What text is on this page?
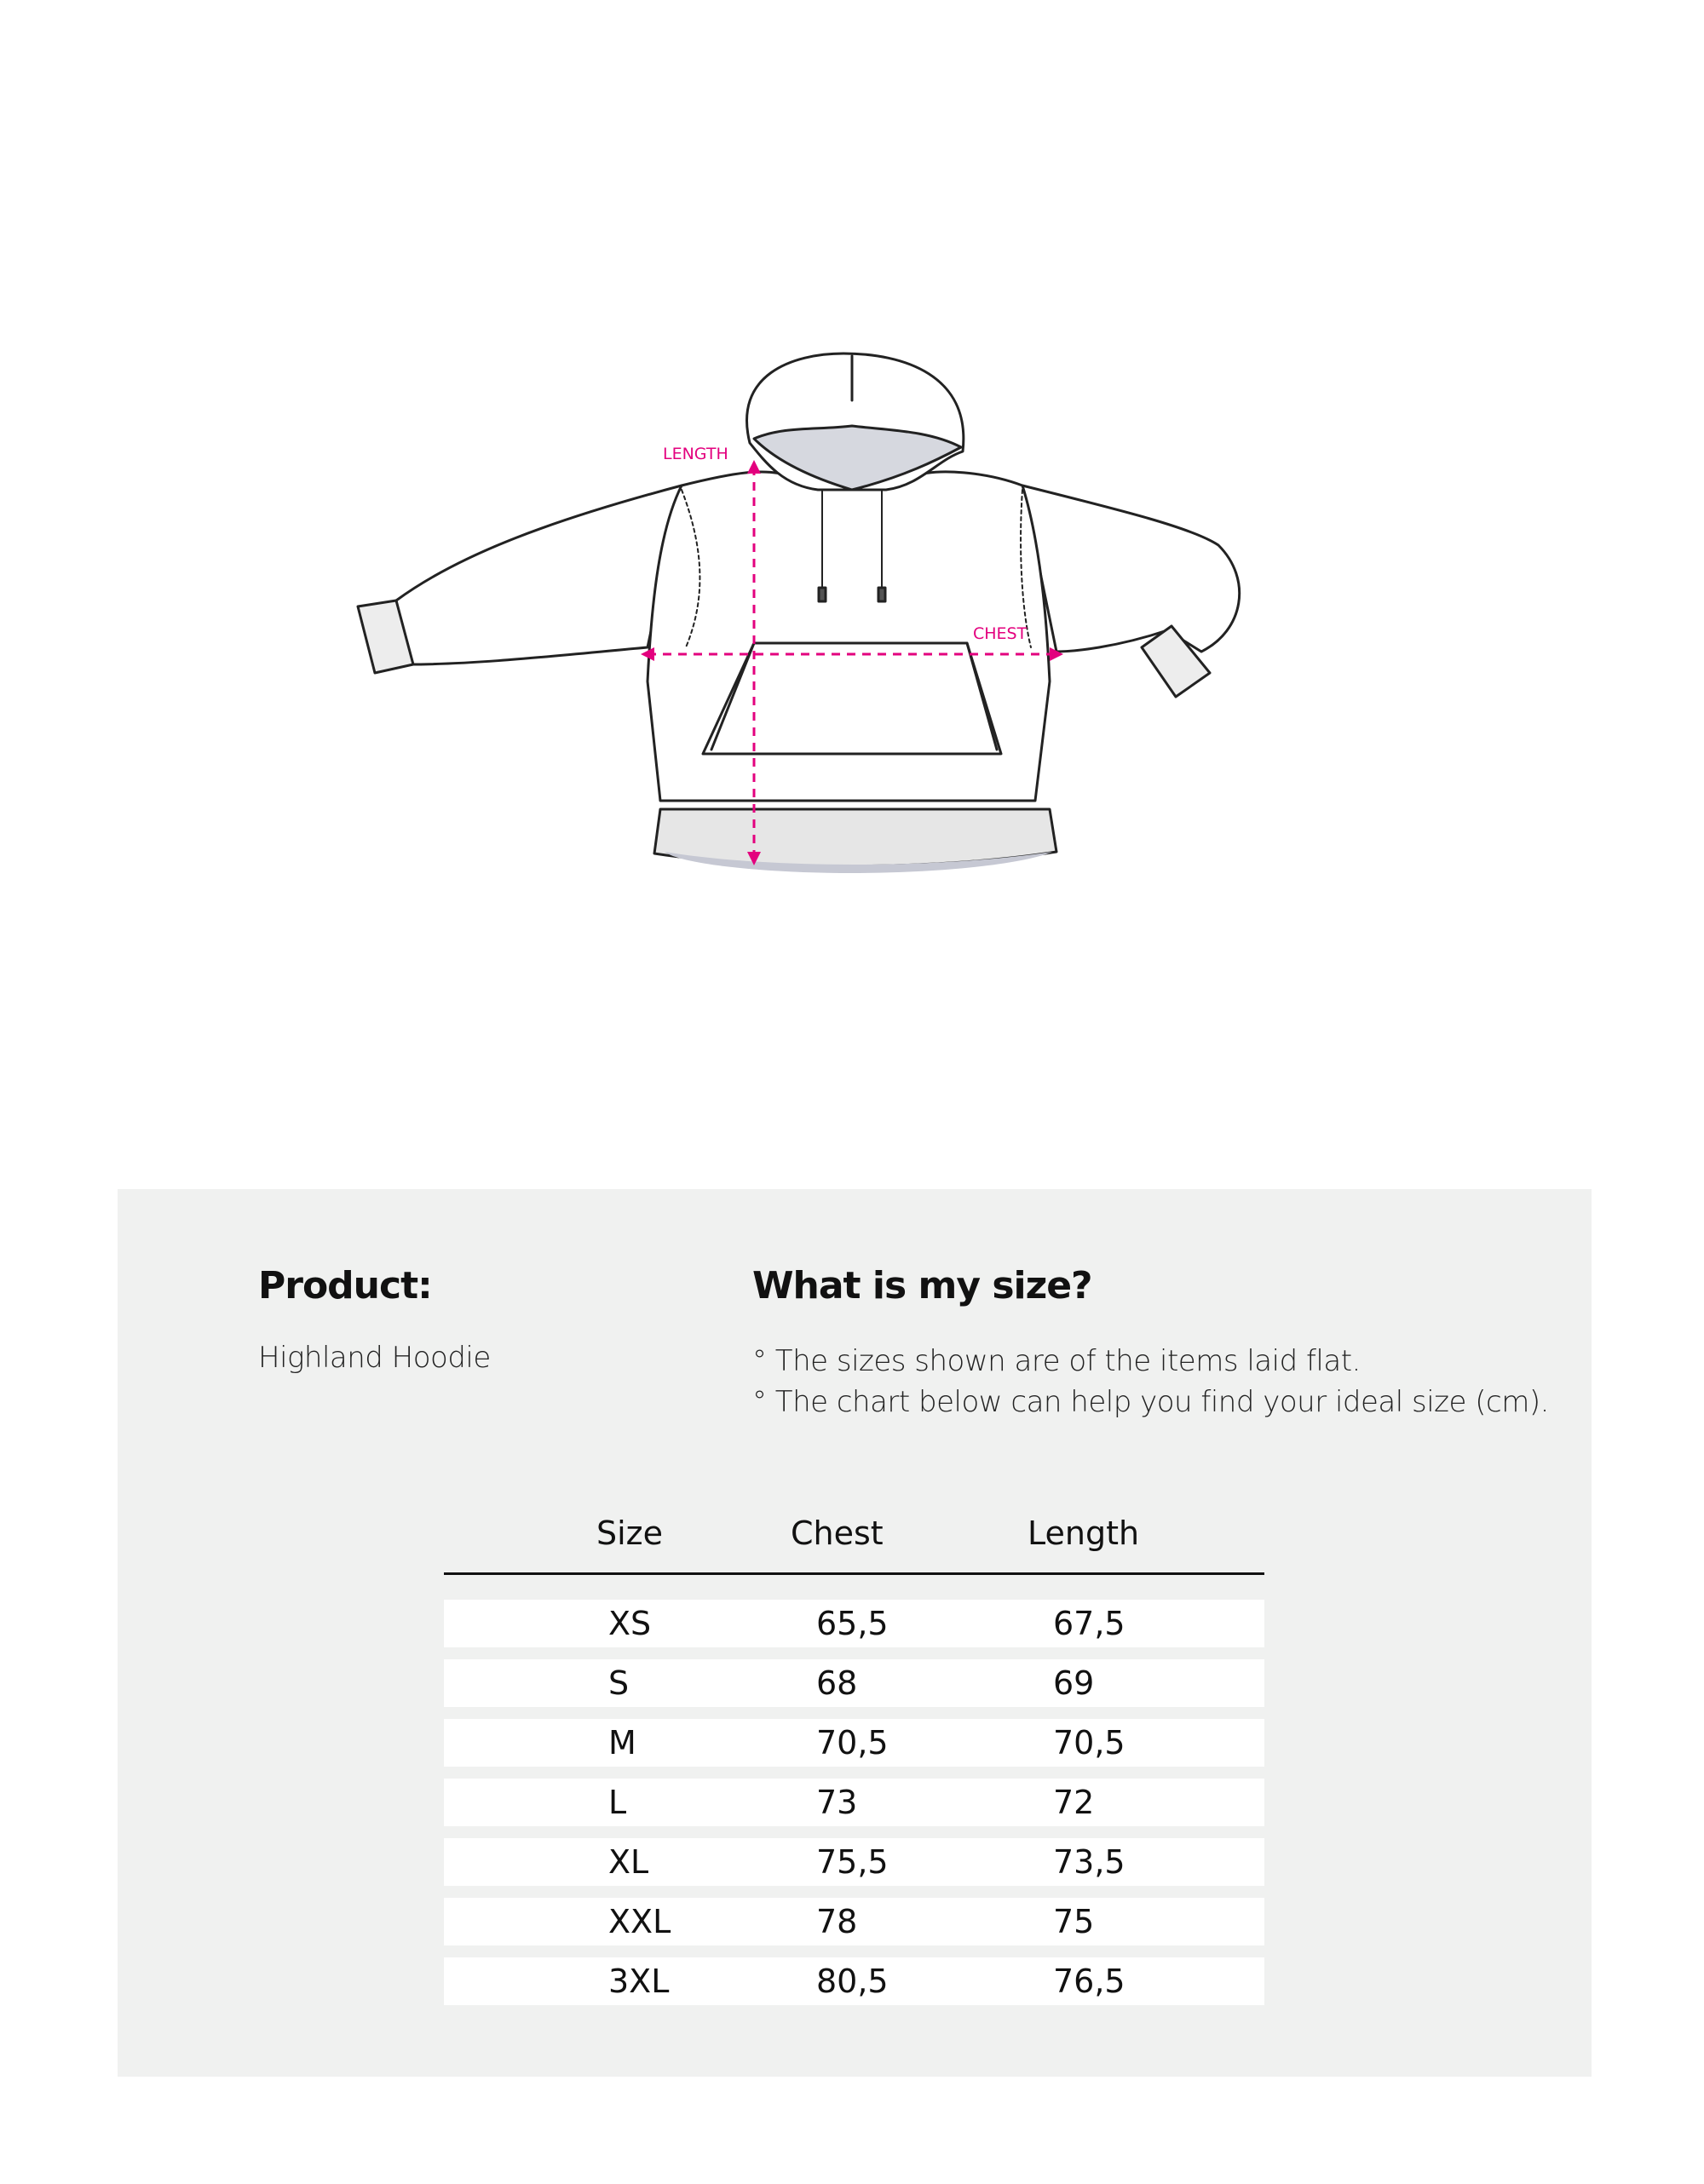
LENGTH
CHEST
Product:
Highland Hoodie
What is my size?
° The sizes shown are of the items laid flat.
° The chart below can help you find your ideal size (cm).
Size	Chest	Length
XS	65,5	67,5
S	68	69
M	70,5	70,5
L	73	72
XL	75,5	73,5
XXL	78	75
3XL	80,5	76,5
